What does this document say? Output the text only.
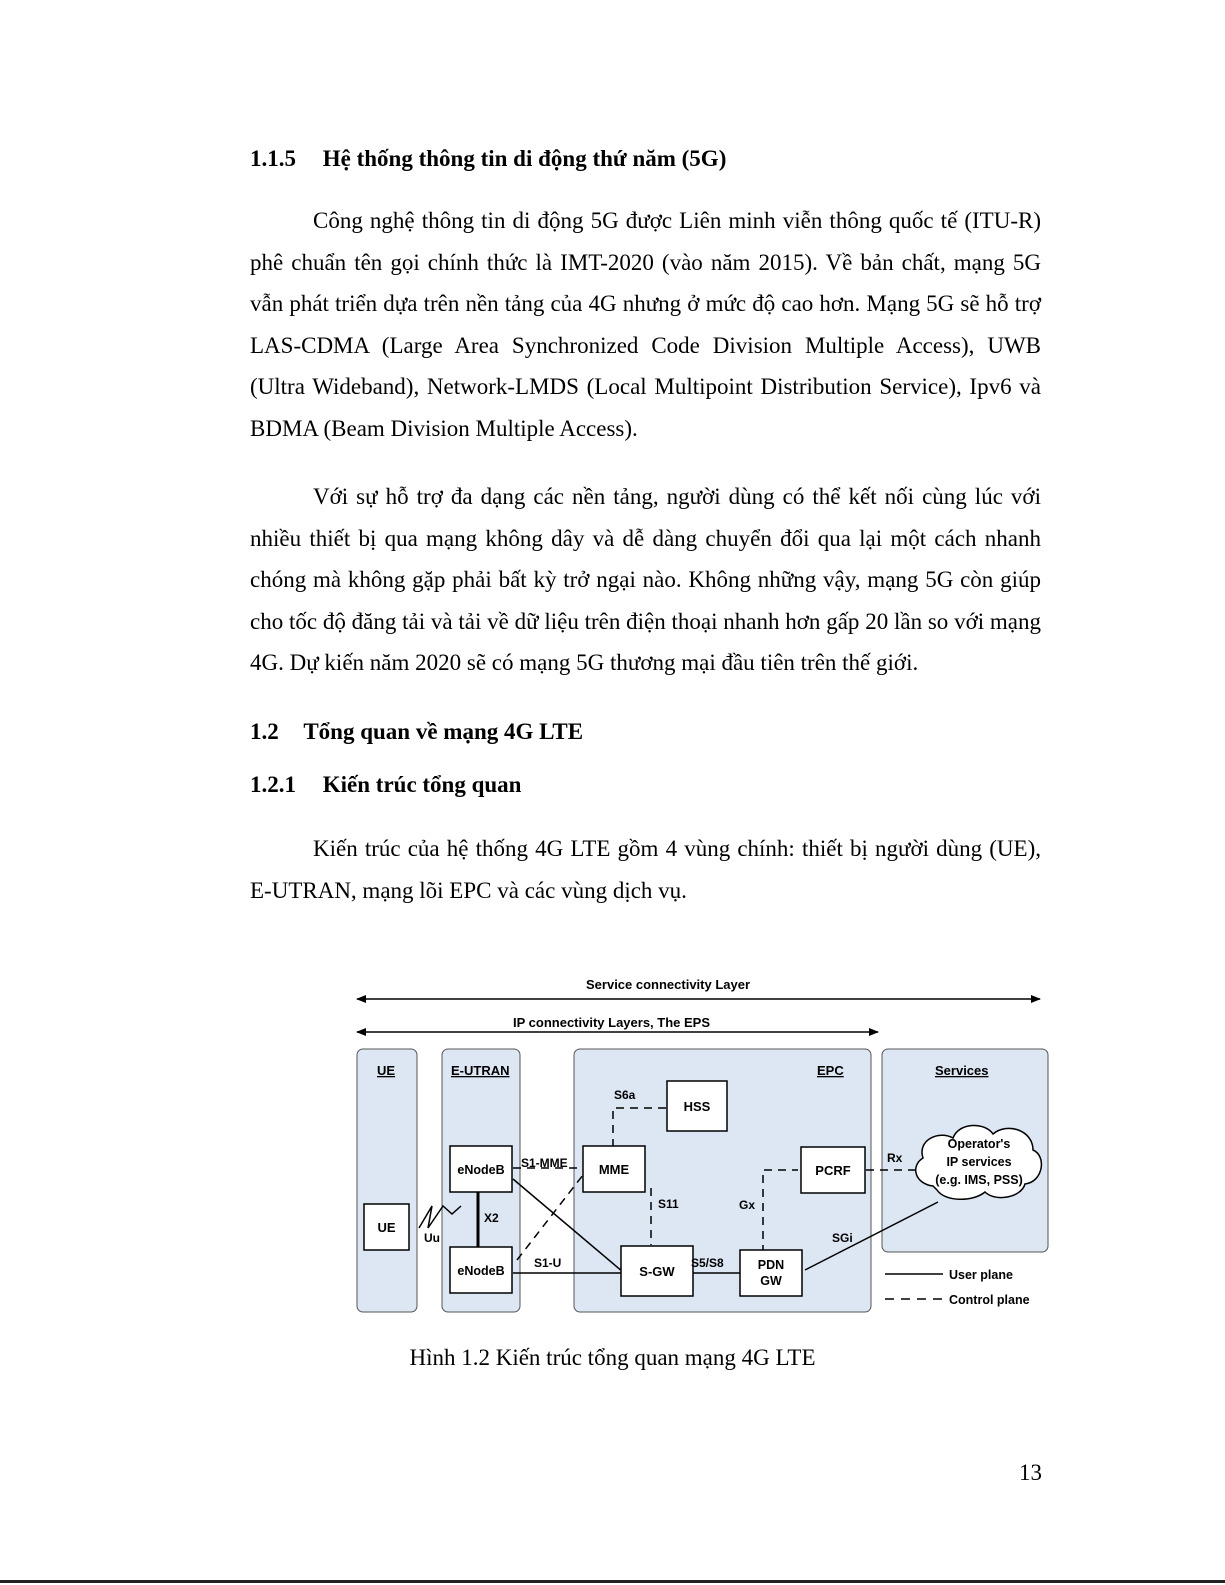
1.1.5 Hệ thống thông tin di động thứ năm (5G)

Công nghệ thông tin di động 5G được Liên minh viễn thông quốc tế (ITU-R) phê chuẩn tên gọi chính thức là IMT-2020 (vào năm 2015). Về bản chất, mạng 5G vẫn phát triển dựa trên nền tảng của 4G nhưng ở mức độ cao hơn. Mạng 5G sẽ hỗ trợ LAS-CDMA (Large Area Synchronized Code Division Multiple Access), UWB (Ultra Wideband), Network-LMDS (Local Multipoint Distribution Service), Ipv6 và BDMA (Beam Division Multiple Access).

Với sự hỗ trợ đa dạng các nền tảng, người dùng có thể kết nối cùng lúc với nhiều thiết bị qua mạng không dây và dễ dàng chuyển đổi qua lại một cách nhanh chóng mà không gặp phải bất kỳ trở ngại nào. Không những vậy, mạng 5G còn giúp cho tốc độ đăng tải và tải về dữ liệu trên điện thoại nhanh hơn gấp 20 lần so với mạng 4G. Dự kiến năm 2020 sẽ có mạng 5G thương mại đầu tiên trên thế giới.

1.2 Tổng quan về mạng 4G LTE
1.2.1 Kiến trúc tổng quan

Kiến trúc của hệ thống 4G LTE gồm 4 vùng chính: thiết bị người dùng (UE), E-UTRAN, mạng lõi EPC và các vùng dịch vụ.

Service connectivity Layer
IP connectivity Layers, The EPS
UE	E-UTRAN	EPC	Services
UE
eNodeB
eNodeB
MME
HSS
S-GW	PDN
GW
PCRF
Operator's
IP services
(e.g. IMS, PSS)
Uu
X2
S1-MME
S1-U
S6a
S11
S5/S8
Gx
Rx
SGi
User plane
Control plane

Hình 1.2 Kiến trúc tổng quan mạng 4G LTE

13
